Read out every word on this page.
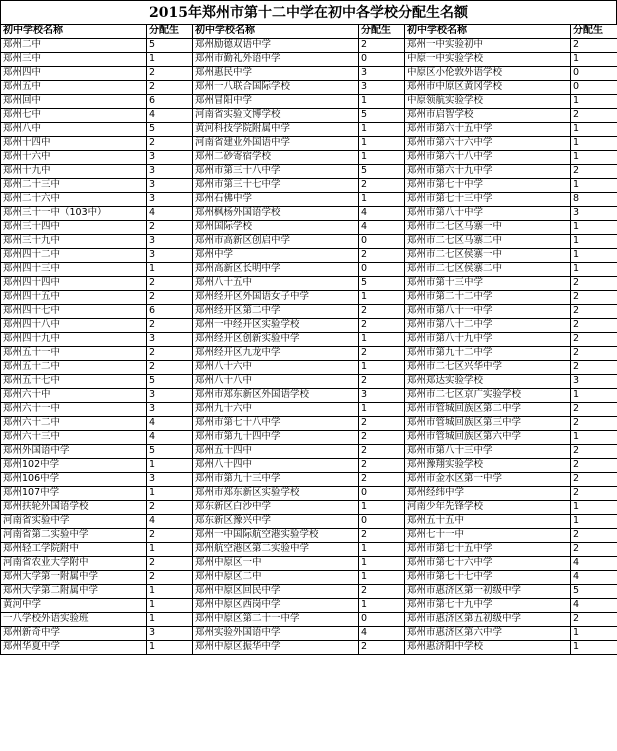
2015年郑州市第十二中学在初中各学校分配生名额
初中学校名称	分配生	初中学校名称	分配生	初中学校名称	分配生
郑州二中	5	郑州励德双语中学	2	郑州一中实验初中	2
郑州三中	1	郑州市勤礼外语中学	0	中原一中实验学校	1
郑州四中	2	郑州惠民中学	3	中原区小伦敦外语学校	0
郑州五中	2	郑州一八联合国际学校	3	郑州市中原区黄冈学校	0
郑州回中	6	郑州冒阳中学	1	中原领航实验学校	1
郑州七中	4	河南省实验文博学校	5	郑州市启智学校	2
郑州八中	5	黄河科技学院附属中学	1	郑州市第六十五中学	1
郑州十四中	2	河南省建业外国语中学	1	郑州市第六十六中学	1
郑州十六中	3	郑州二砂寄宿学校	1	郑州市第六十八中学	1
郑州十九中	3	郑州市第三十八中学	5	郑州市第六十九中学	2
郑州二十三中	3	郑州市第三十七中学	2	郑州市第七十中学	1
郑州二十六中	3	郑州石佛中学	1	郑州市第七十三中学	8
郑州三十一中（103中）	4	郑州枫杨外国语学校	4	郑州市第八十中学	3
郑州三十四中	2	郑州国际学校	4	郑州市二七区马寨一中	1
郑州三十九中	3	郑州市高新区创启中学	0	郑州市二七区马寨二中	1
郑州四十二中	3	郑州中学	2	郑州市二七区侯寨一中	1
郑州四十三中	1	郑州高新区长明中学	0	郑州市二七区侯寨二中	1
郑州四十四中	2	郑州八十五中	5	郑州市第十三中学	2
郑州四十五中	2	郑州经开区外国语女子中学	1	郑州市第二十二中学	2
郑州四十七中	6	郑州经开区第二中学	2	郑州市第八十一中学	2
郑州四十八中	2	郑州一中经开区实验学校	2	郑州市第八十二中学	2
郑州四十九中	3	郑州经开区创新实验中学	1	郑州市第八十九中学	2
郑州五十一中	2	郑州经开区九龙中学	2	郑州市第九十二中学	2
郑州五十二中	2	郑州八十六中	1	郑州市二七区兴华中学	2
郑州五十七中	5	郑州八十八中	2	郑州郑达实验学校	3
郑州六十中	3	郑州市郑东新区外国语学校	3	郑州市二七区京广实验学校	1
郑州六十一中	3	郑州九十六中	1	郑州市管城回族区第二中学	2
郑州六十二中	4	郑州市第七十八中学	2	郑州市管城回族区第三中学	2
郑州六十三中	4	郑州市第九十四中学	2	郑州市管城回族区第六中学	1
郑州外国语中学	5	郑州五十四中	2	郑州市第八十三中学	2
郑州102中学	1	郑州八十四中	2	郑州豫翔实验学校	2
郑州106中学	3	郑州市第九十三中学	2	郑州市金水区第一中学	2
郑州107中学	1	郑州市郑东新区实验学校	0	郑州经纬中学	2
郑州扶轮外国语学校	2	郑东新区白沙中学	1	河南少年先锋学校	1
河南省实验中学	4	郑东新区豫兴中学	0	郑州五十五中	1
河南省第二实验中学	2	郑州一中国际航空港实验学校	2	郑州七十一中	2
郑州轻工学院附中	1	郑州航空港区第二实验中学	1	郑州市第七十五中学	2
河南省农业大学附中	2	郑州中原区一中	1	郑州市第七十六中学	4
郑州大学第一附属中学	2	郑州中原区二中	1	郑州市第七十七中学	4
郑州大学第二附属中学	1	郑州中原区回民中学	2	郑州市惠济区第一初级中学	5
黄河中学	1	郑州中原区西岗中学	1	郑州市第七十九中学	4
一八学校外语实验班	1	郑州中原区第二十一中学	0	郑州市惠济区第五初级中学	2
郑州新奇中学	3	郑州实验外国语中学	4	郑州市惠济区第六中学	1
郑州华夏中学	1	郑州中原区振华中学	2	郑州惠济阳中学校	1
